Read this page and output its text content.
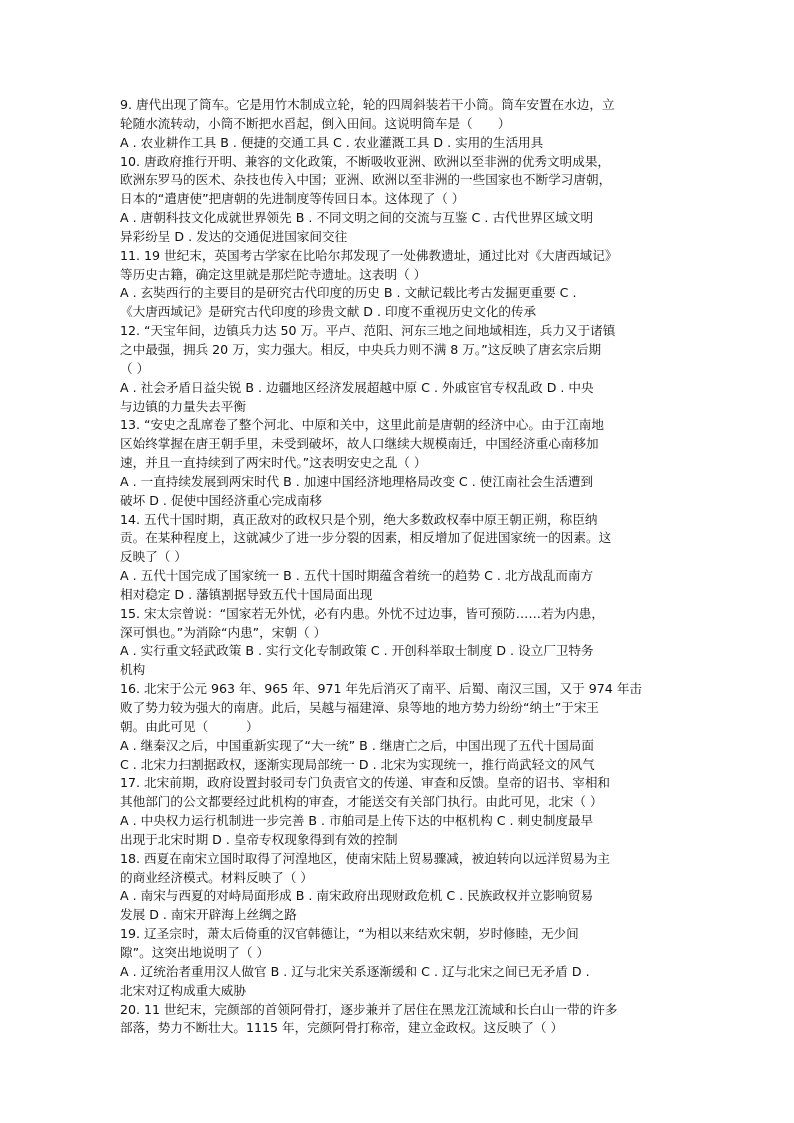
9. 唐代出现了筒车。它是用竹木制成立轮，轮的四周斜装若干小筒。筒车安置在水边，立
轮随水流转动，小筒不断把水舀起，倒入田间。这说明筒车是（　　）
A . 农业耕作工具 B . 便捷的交通工具 C . 农业灌溉工具 D . 实用的生活用具
10. 唐政府推行开明、兼容的文化政策，不断吸收亚洲、欧洲以至非洲的优秀文明成果，
欧洲东罗马的医术、杂技也传入中国；亚洲、欧洲以至非洲的一些国家也不断学习唐朝，
日本的“遣唐使”把唐朝的先进制度等传回日本。这体现了（ ）
A . 唐朝科技文化成就世界领先 B . 不同文明之间的交流与互鉴 C . 古代世界区域文明
异彩纷呈 D . 发达的交通促进国家间交往
11. 19 世纪末，英国考古学家在比哈尔邦发现了一处佛教遗址，通过比对《大唐西域记》
等历史古籍，确定这里就是那烂陀寺遗址。这表明（ ）
A . 玄奘西行的主要目的是研究古代印度的历史 B . 文献记载比考古发掘更重要 C .
《大唐西域记》是研究古代印度的珍贵文献 D . 印度不重视历史文化的传承
12. “天宝年间，边镇兵力达 50 万。平卢、范阳、河东三地之间地域相连，兵力又于诸镇
之中最强，拥兵 20 万，实力强大。相反，中央兵力则不满 8 万。”这反映了唐玄宗后期
（ ）
A . 社会矛盾日益尖锐 B . 边疆地区经济发展超越中原 C . 外戚宦官专权乱政 D . 中央
与边镇的力量失去平衡
13. “安史之乱席卷了整个河北、中原和关中，这里此前是唐朝的经济中心。由于江南地
区始终掌握在唐王朝手里，未受到破坏，故人口继续大规模南迁，中国经济重心南移加
速，并且一直持续到了两宋时代。”这表明安史之乱（ ）
A . 一直持续发展到两宋时代 B . 加速中国经济地理格局改变 C . 使江南社会生活遭到
破坏 D . 促使中国经济重心完成南移
14. 五代十国时期，真正敌对的政权只是个别，绝大多数政权奉中原王朝正朔，称臣纳
贡。在某种程度上，这就减少了进一步分裂的因素，相反增加了促进国家统一的因素。这
反映了（ ）
A . 五代十国完成了国家统一 B . 五代十国时期蕴含着统一的趋势 C . 北方战乱而南方
相对稳定 D . 藩镇割据导致五代十国局面出现
15. 宋太宗曾说：“国家若无外忧，必有内患。外忧不过边事，皆可预防……若为内患，
深可惧也。”为消除“内患”，宋朝（ ）
A . 实行重文轻武政策 B . 实行文化专制政策 C . 开创科举取士制度 D . 设立厂卫特务
机构
16. 北宋于公元 963 年、965 年、971 年先后消灭了南平、后蜀、南汉三国，又于 974 年击
败了势力较为强大的南唐。此后，吴越与福建漳、泉等地的地方势力纷纷“纳土”于宋王
朝。由此可见（　　　）
A . 继秦汉之后，中国重新实现了“大一统” B . 继唐亡之后，中国出现了五代十国局面
C . 北宋力扫割据政权，逐渐实现局部统一 D . 北宋为实现统一，推行尚武轻文的风气
17. 北宋前期，政府设置封驳司专门负责官文的传递、审查和反馈。皇帝的诏书、宰相和
其他部门的公文都要经过此机构的审查，才能送交有关部门执行。由此可见，北宋（ ）
A . 中央权力运行机制进一步完善 B . 市舶司是上传下达的中枢机构 C . 刺史制度最早
出现于北宋时期 D . 皇帝专权现象得到有效的控制
18. 西夏在南宋立国时取得了河湟地区，使南宋陆上贸易骤减，被迫转向以远洋贸易为主
的商业经济模式。材料反映了（ ）
A . 南宋与西夏的对峙局面形成 B . 南宋政府出现财政危机 C . 民族政权并立影响贸易
发展 D . 南宋开辟海上丝绸之路
19. 辽圣宗时，萧太后倚重的汉官韩德让，“为相以来结欢宋朝，岁时修睦，无少间
隙”。这突出地说明了（ ）
A . 辽统治者重用汉人做官 B . 辽与北宋关系逐渐缓和 C . 辽与北宋之间已无矛盾 D .
北宋对辽构成重大威胁
20. 11 世纪末，完颜部的首领阿骨打，逐步兼并了居住在黑龙江流域和长白山一带的许多
部落，势力不断壮大。1115 年，完颜阿骨打称帝，建立金政权。这反映了（ ）
